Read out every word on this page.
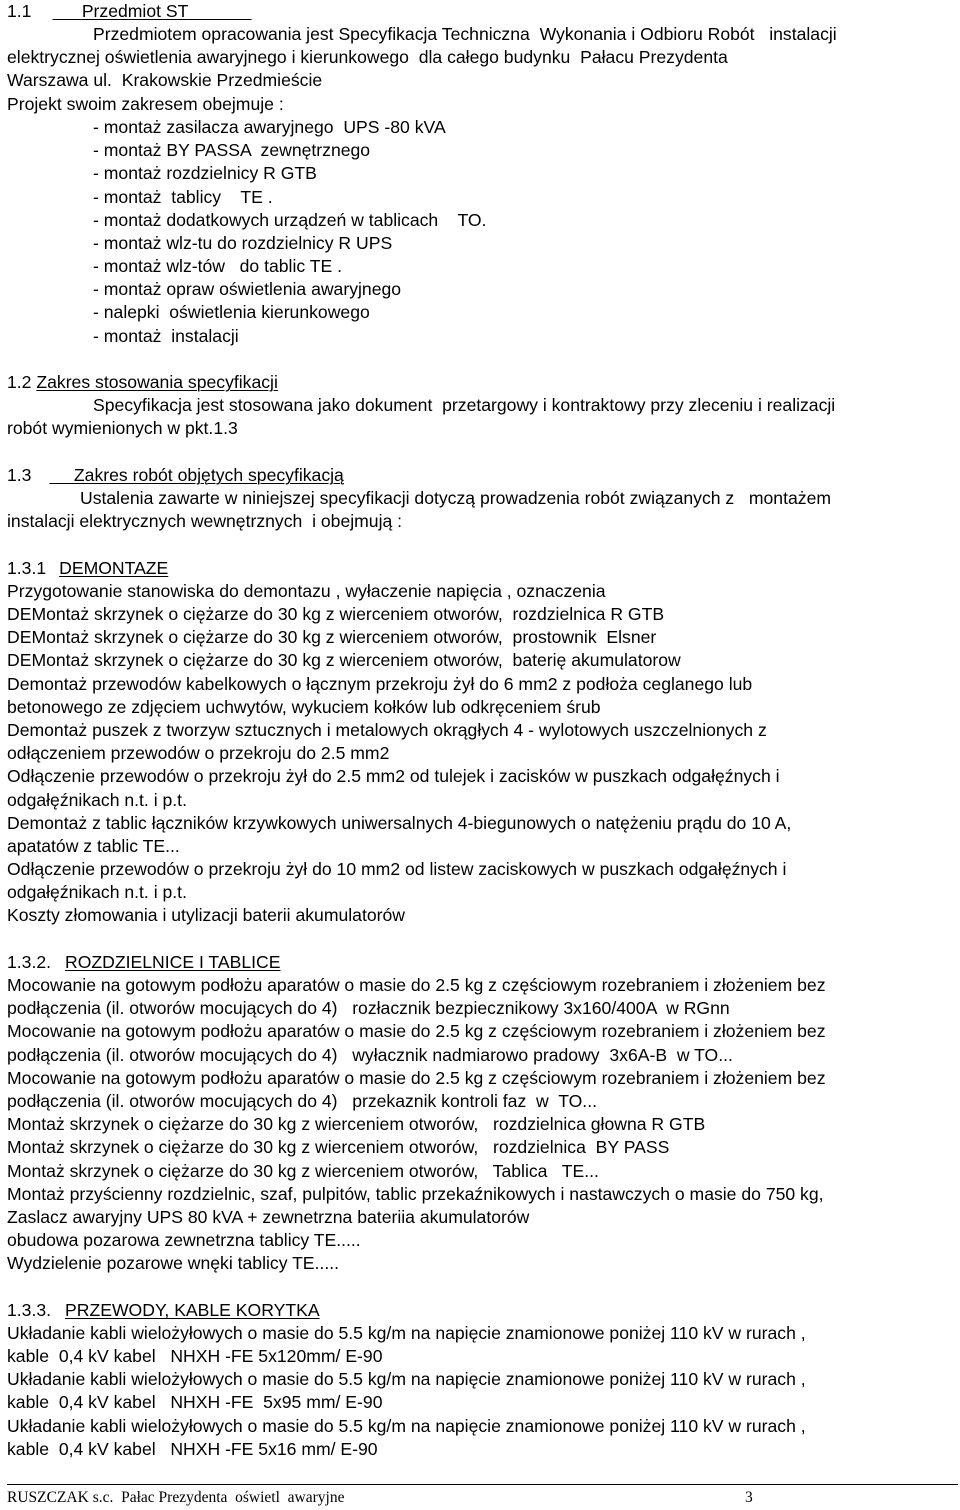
1.1	Przedmiot ST
Przedmiotem opracowania jest Specyfikacja Techniczna  Wykonania i Odbioru Robót   instalacji
elektrycznej oświetlenia awaryjnego i kierunkowego  dla całego budynku  Pałacu Prezydenta
Warszawa ul.  Krakowskie Przedmieście
Projekt swoim zakresem obejmuje :
- montaż zasilacza awaryjnego  UPS -80 kVA
- montaż BY PASSA  zewnętrznego
- montaż rozdzielnicy R GTB
- montaż  tablicy    TE .
- montaż dodatkowych urządzeń w tablicach    TO.
- montaż wlz-tu do rozdzielnicy R UPS
- montaż wlz-tów   do tablic TE .
- montaż opraw oświetlenia awaryjnego
- nalepki  oświetlenia kierunkowego
- montaż  instalacji
1.2 Zakres stosowania specyfikacji
Specyfikacja jest stosowana jako dokument  przetargowy i kontraktowy przy zleceniu i realizacji
robót wymienionych w pkt.1.3
1.3 Zakres robót objętych specyfikacją
Ustalenia zawarte w niniejszej specyfikacji dotyczą prowadzenia robót związanych z   montażem
instalacji elektrycznych wewnętrznych  i obejmują :
1.3.1 DEMONTAZE
Przygotowanie stanowiska do demontazu , wyłaczenie napięcia , oznaczenia
DEMontaż skrzynek o ciężarze do 30 kg z wierceniem otworów,  rozdzielnica R GTB
DEMontaż skrzynek o ciężarze do 30 kg z wierceniem otworów,  prostownik  Elsner
DEMontaż skrzynek o ciężarze do 30 kg z wierceniem otworów,  baterię akumulatorow
Demontaż przewodów kabelkowych o łącznym przekroju żył do 6 mm2 z podłoża ceglanego lub
betonowego ze zdjęciem uchwytów, wykuciem kołków lub odkręceniem śrub
Demontaż puszek z tworzyw sztucznych i metalowych okrągłych 4 - wylotowych uszczelnionych z
odłączeniem przewodów o przekroju do 2.5 mm2
Odłączenie przewodów o przekroju żył do 2.5 mm2 od tulejek i zacisków w puszkach odgałęźnych i
odgałęźnikach n.t. i p.t.
Demontaż z tablic łączników krzywkowych uniwersalnych 4-biegunowych o natężeniu prądu do 10 A,
apatatów z tablic TE...
Odłączenie przewodów o przekroju żył do 10 mm2 od listew zaciskowych w puszkach odgałęźnych i
odgałęźnikach n.t. i p.t.
Koszty złomowania i utylizacji baterii akumulatorów
1.3.2. ROZDZIELNICE I TABLICE
Mocowanie na gotowym podłożu aparatów o masie do 2.5 kg z częściowym rozebraniem i złożeniem bez
podłączenia (il. otworów mocujących do 4)   rozłacznik bezpiecznikowy 3x160/400A  w RGnn
Mocowanie na gotowym podłożu aparatów o masie do 2.5 kg z częściowym rozebraniem i złożeniem bez
podłączenia (il. otworów mocujących do 4)   wyłacznik nadmiarowo pradowy  3x6A-B  w TO...
Mocowanie na gotowym podłożu aparatów o masie do 2.5 kg z częściowym rozebraniem i złożeniem bez
podłączenia (il. otworów mocujących do 4)   przekaznik kontroli faz  w  TO...
Montaż skrzynek o ciężarze do 30 kg z wierceniem otworów,   rozdzielnica głowna R GTB
Montaż skrzynek o ciężarze do 30 kg z wierceniem otworów,   rozdzielnica  BY PASS
Montaż skrzynek o ciężarze do 30 kg z wierceniem otworów,   Tablica   TE...
Montaż przyścienny rozdzielnic, szaf, pulpitów, tablic przekaźnikowych i nastawczych o masie do 750 kg,
Zaslacz awaryjny UPS 80 kVA + zewnetrzna bateriia akumulatorów
obudowa pozarowa zewnetrzna tablicy TE.....
Wydzielenie pozarowe wnęki tablicy TE.....
1.3.3. PRZEWODY, KABLE KORYTKA
Układanie kabli wielożyłowych o masie do 5.5 kg/m na napięcie znamionowe poniżej 110 kV w rurach ,
kable  0,4 kV kabel   NHXH -FE 5x120mm/ E-90
Układanie kabli wielożyłowych o masie do 5.5 kg/m na napięcie znamionowe poniżej 110 kV w rurach ,
kable  0,4 kV kabel   NHXH -FE  5x95 mm/ E-90
Układanie kabli wielożyłowych o masie do 5.5 kg/m na napięcie znamionowe poniżej 110 kV w rurach ,
kable  0,4 kV kabel   NHXH -FE 5x16 mm/ E-90
RUSZCZAK s.c.  Pałac Prezydenta  oświetl  awaryjne	3
